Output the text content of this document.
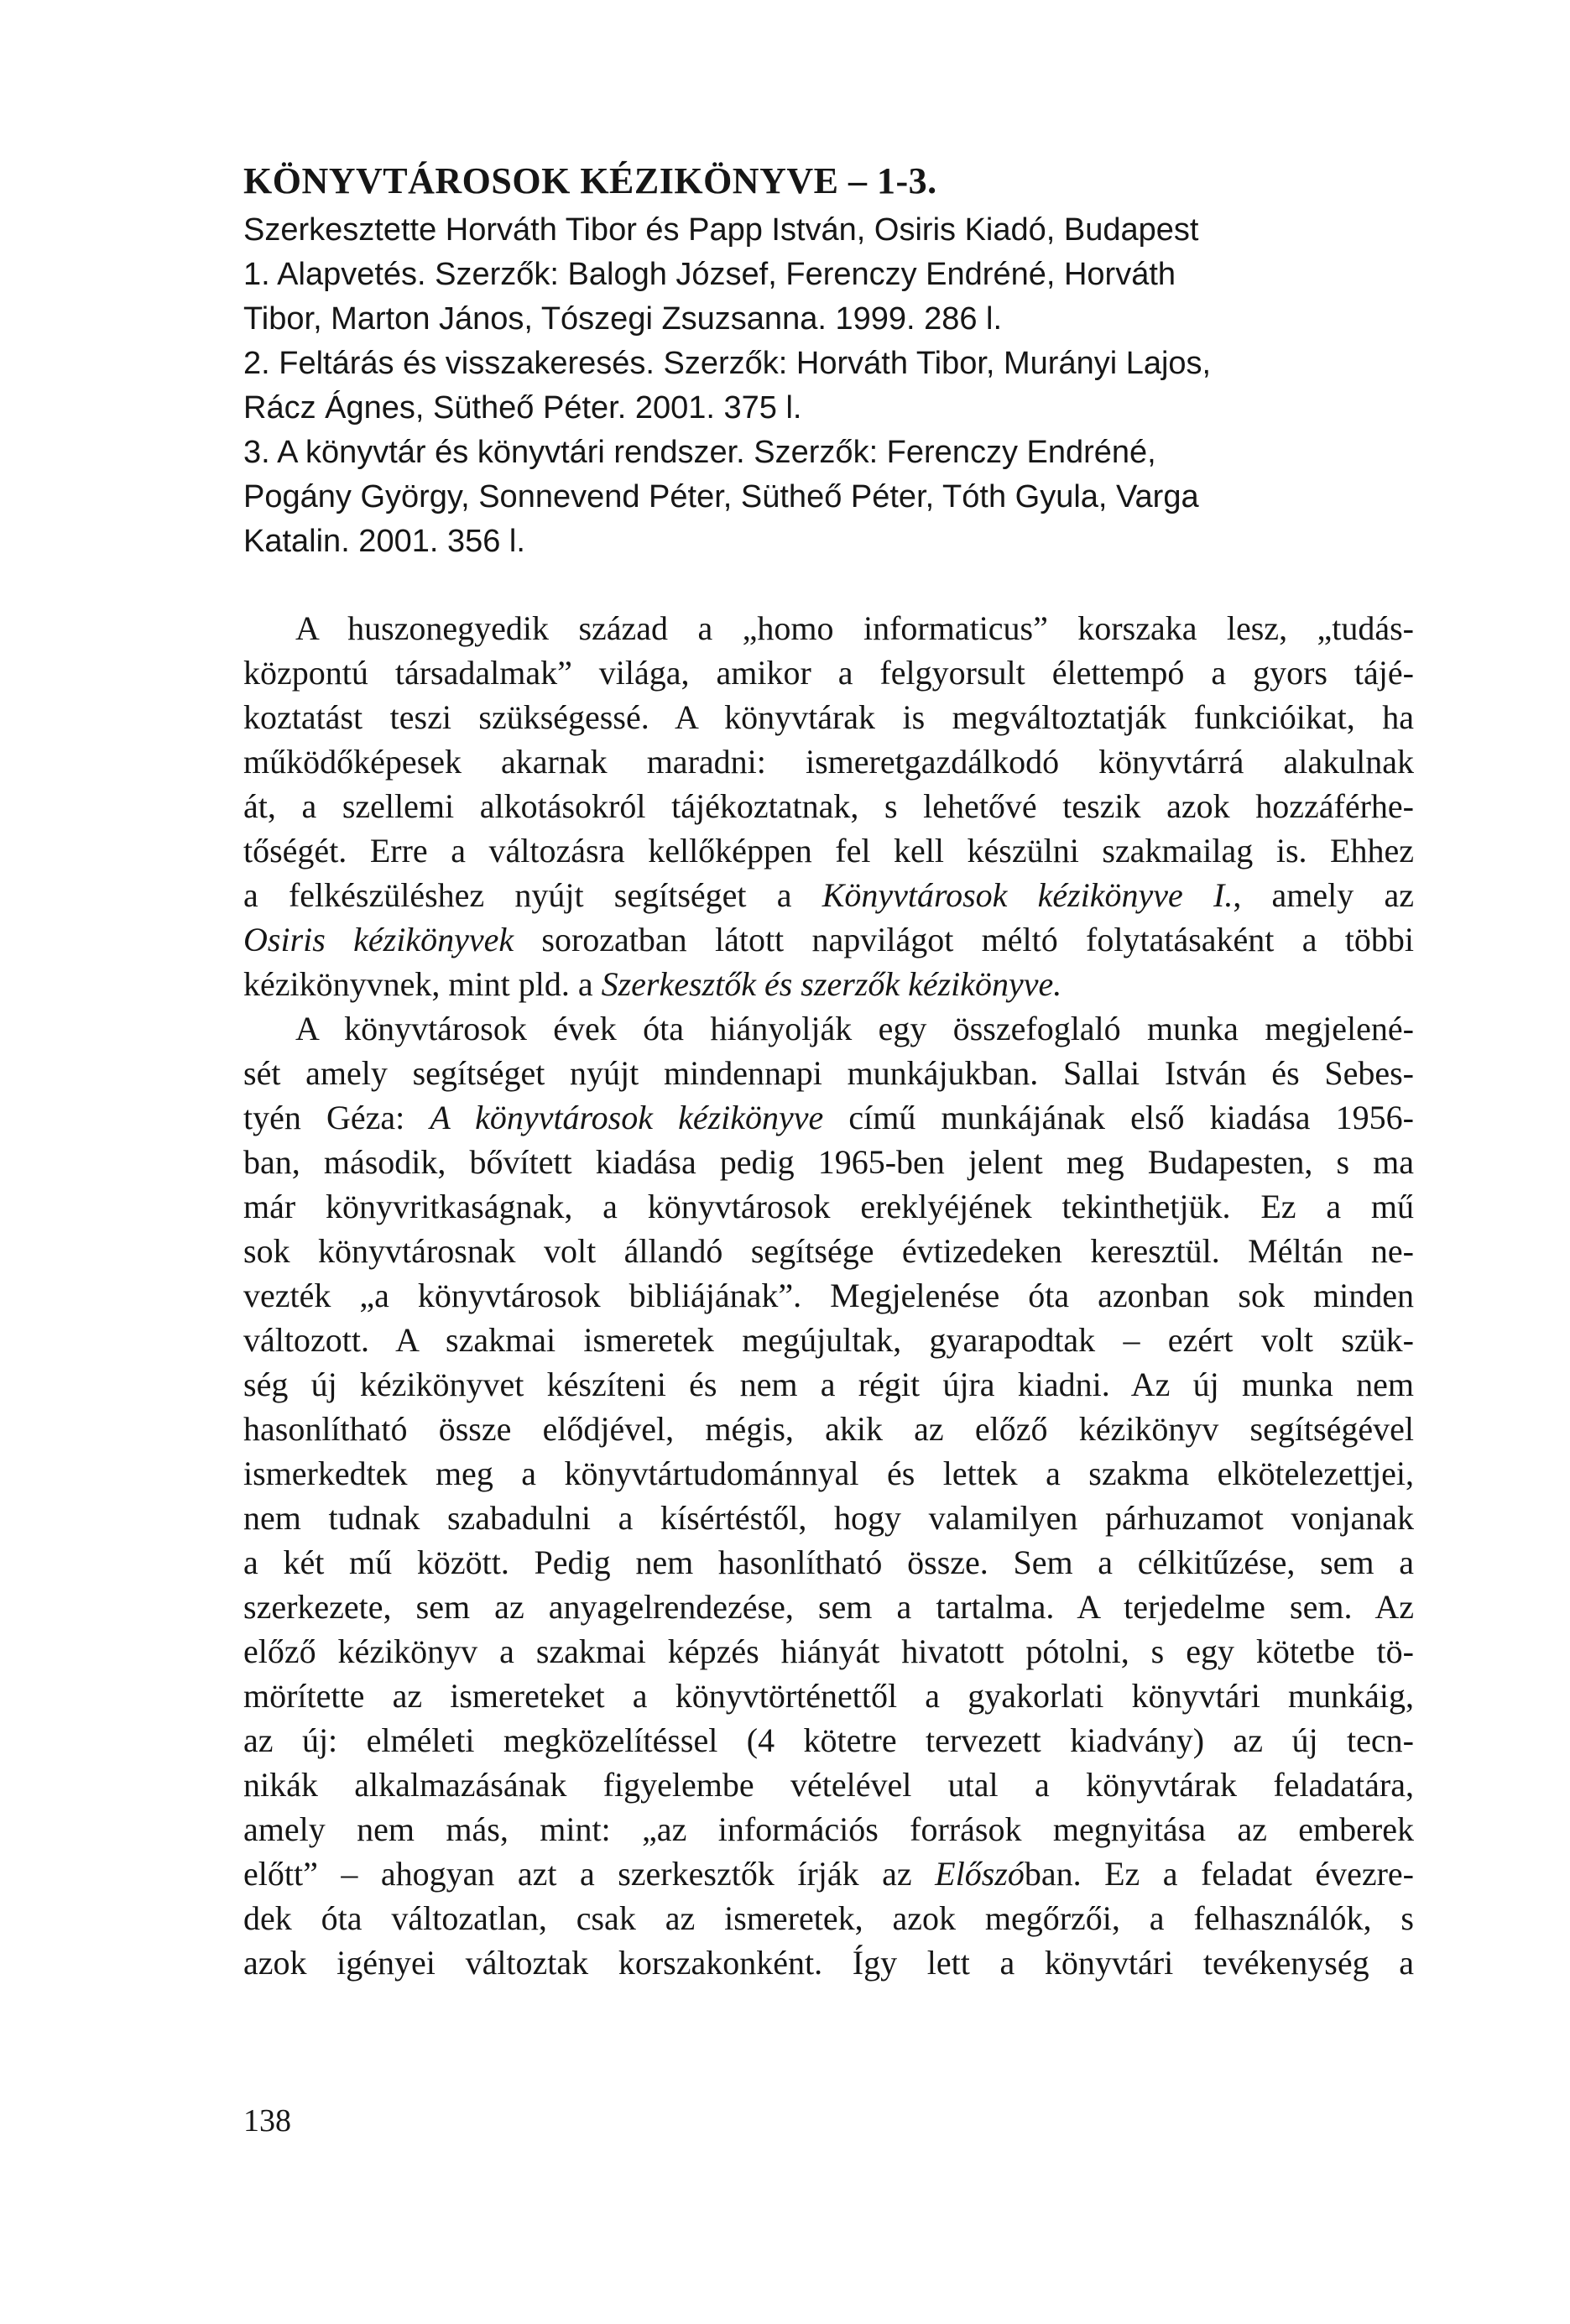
KÖNYVTÁROSOK KÉZIKÖNYVE – 1-3.
Szerkesztette Horváth Tibor és Papp István, Osiris Kiadó, Budapest
1. Alapvetés. Szerzők: Balogh József, Ferenczy Endréné, Horváth
Tibor, Marton János, Tószegi Zsuzsanna. 1999. 286 l.
2. Feltárás és visszakeresés. Szerzők: Horváth Tibor, Murányi Lajos,
Rácz Ágnes, Sütheő Péter. 2001. 375 l.
3. A könyvtár és könyvtári rendszer. Szerzők: Ferenczy Endréné,
Pogány György, Sonnevend Péter, Sütheő Péter, Tóth Gyula, Varga
Katalin. 2001. 356 l.
A huszonegyedik század a „homo informaticus” korszaka lesz, „tudás-
központú társadalmak” világa, amikor a felgyorsult élettempó a gyors tájé-
koztatást teszi szükségessé. A könyvtárak is megváltoztatják funkcióikat, ha
működőképesek akarnak maradni: ismeretgazdálkodó könyvtárrá alakulnak
át, a szellemi alkotásokról tájékoztatnak, s lehetővé teszik azok hozzáférhe-
tőségét. Erre a változásra kellőképpen fel kell készülni szakmailag is. Ehhez
a felkészüléshez nyújt segítséget a Könyvtárosok kézikönyve I., amely az
Osiris kézikönyvek sorozatban látott napvilágot méltó folytatásaként a többi
kézikönyvnek, mint pld. a Szerkesztők és szerzők kézikönyve.
A könyvtárosok évek óta hiányolják egy összefoglaló munka megjelené-
sét amely segítséget nyújt mindennapi munkájukban. Sallai István és Sebes-
tyén Géza: A könyvtárosok kézikönyve című munkájának első kiadása 1956-
ban, második, bővített kiadása pedig 1965-ben jelent meg Budapesten, s ma
már könyvritkaságnak, a könyvtárosok ereklyéjének tekinthetjük. Ez a mű
sok könyvtárosnak volt állandó segítsége évtizedeken keresztül. Méltán ne-
vezték „a könyvtárosok bibliájának”. Megjelenése óta azonban sok minden
változott. A szakmai ismeretek megújultak, gyarapodtak – ezért volt szük-
ség új kézikönyvet készíteni és nem a régit újra kiadni. Az új munka nem
hasonlítható össze elődjével, mégis, akik az előző kézikönyv segítségével
ismerkedtek meg a könyvtártudománnyal és lettek a szakma elkötelezettjei,
nem tudnak szabadulni a kísértéstől, hogy valamilyen párhuzamot vonjanak
a két mű között. Pedig nem hasonlítható össze. Sem a célkitűzése, sem a
szerkezete, sem az anyagelrendezése, sem a tartalma. A terjedelme sem. Az
előző kézikönyv a szakmai képzés hiányát hivatott pótolni, s egy kötetbe tö-
mörítette az ismereteket a könyvtörténettől a gyakorlati könyvtári munkáig,
az új: elméleti megközelítéssel (4 kötetre tervezett kiadvány) az új tecn-
nikák alkalmazásának figyelembe vételével utal a könyvtárak feladatára,
amely nem más, mint: „az információs források megnyitása az emberek
előtt” – ahogyan azt a szerkesztők írják az Előszóban. Ez a feladat évezre-
dek óta változatlan, csak az ismeretek, azok megőrzői, a felhasználók, s
azok igényei változtak korszakonként. Így lett a könyvtári tevékenység a
138
